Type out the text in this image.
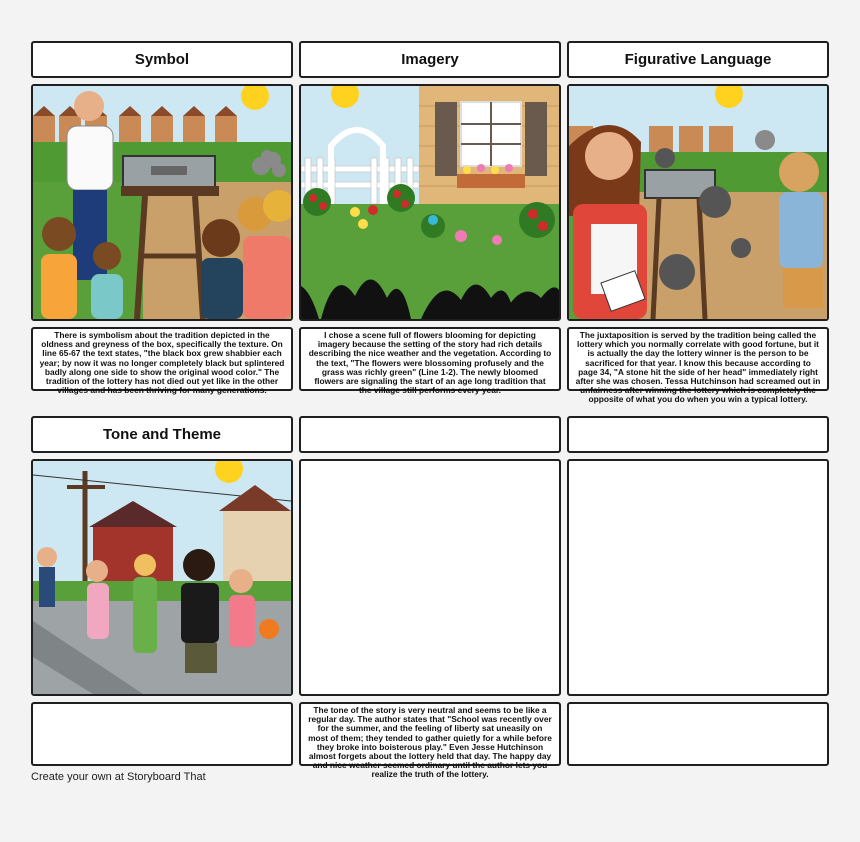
Symbol	Imagery	Figurative Language
There is symbolism about the tradition depicted in the oldness and greyness of the box, specifically the texture. On line 65-67 the text states, "the black box grew shabbier each year; by now it was no longer completely black but splintered badly along one side to show the original wood color." The tradition of the lottery has not died out yet like in the other villages and has been thriving for many generations.
I chose a scene full of flowers blooming for depicting imagery because the setting of the story had rich details describing the nice weather and the vegetation. According to the text, "The flowers were blossoming profusely and the grass was richly green" (Line 1-2). The newly bloomed flowers are signaling the start of an age long tradition that the village still performs every year.
The juxtaposition is served by the tradition being called the lottery which you normally correlate with good fortune, but it is actually the day the lottery winner is the person to be sacrificed for that year. I know this because according to page 34, "A stone hit the side of her head" immediately right after she was chosen. Tessa Hutchinson had screamed out in unfairness after winning the lottery which is completely the opposite of what you do when you win a typical lottery.
Tone and Theme
The tone of the story is very neutral and seems to be like a regular day. The author states that "School was recently over for the summer, and the feeling of liberty sat uneasily on most of them; they tended to gather quietly for a while before they broke into boisterous play." Even Jesse Hutchinson almost forgets about the lottery held that day. The happy day and nice weather seemed ordinary until the author lets you realize the truth of the lottery.
Create your own at Storyboard That
